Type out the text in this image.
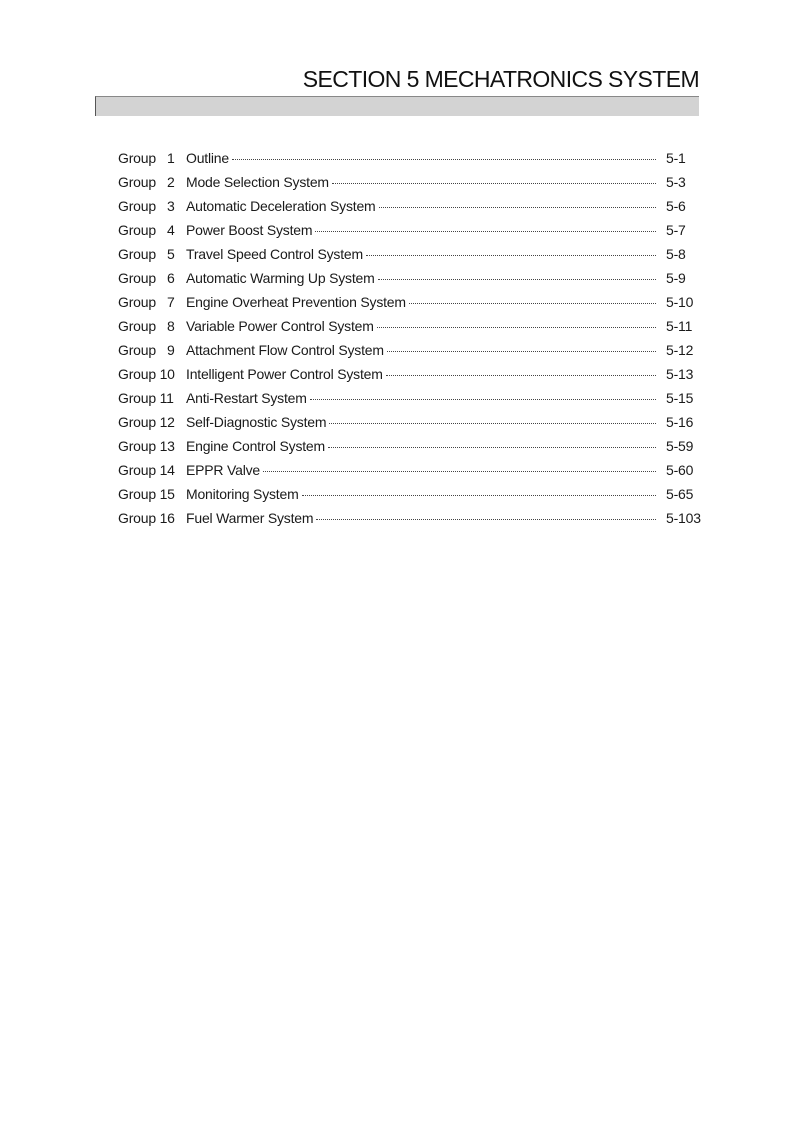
SECTION 5 MECHATRONICS SYSTEM
Group   1 Outline	5-1
Group   2 Mode Selection System	5-3
Group   3 Automatic Deceleration System	5-6
Group   4 Power Boost System	5-7
Group   5 Travel Speed Control System	5-8
Group   6 Automatic Warming Up System	5-9
Group   7 Engine Overheat Prevention System	5-10
Group   8 Variable Power Control System	5-11
Group   9 Attachment Flow Control System	5-12
Group 10 Intelligent Power Control System	5-13
Group 11 Anti-Restart System	5-15
Group 12 Self-Diagnostic System	5-16
Group 13 Engine Control System	5-59
Group 14 EPPR Valve	5-60
Group 15 Monitoring System	5-65
Group 16 Fuel Warmer System	5-103
